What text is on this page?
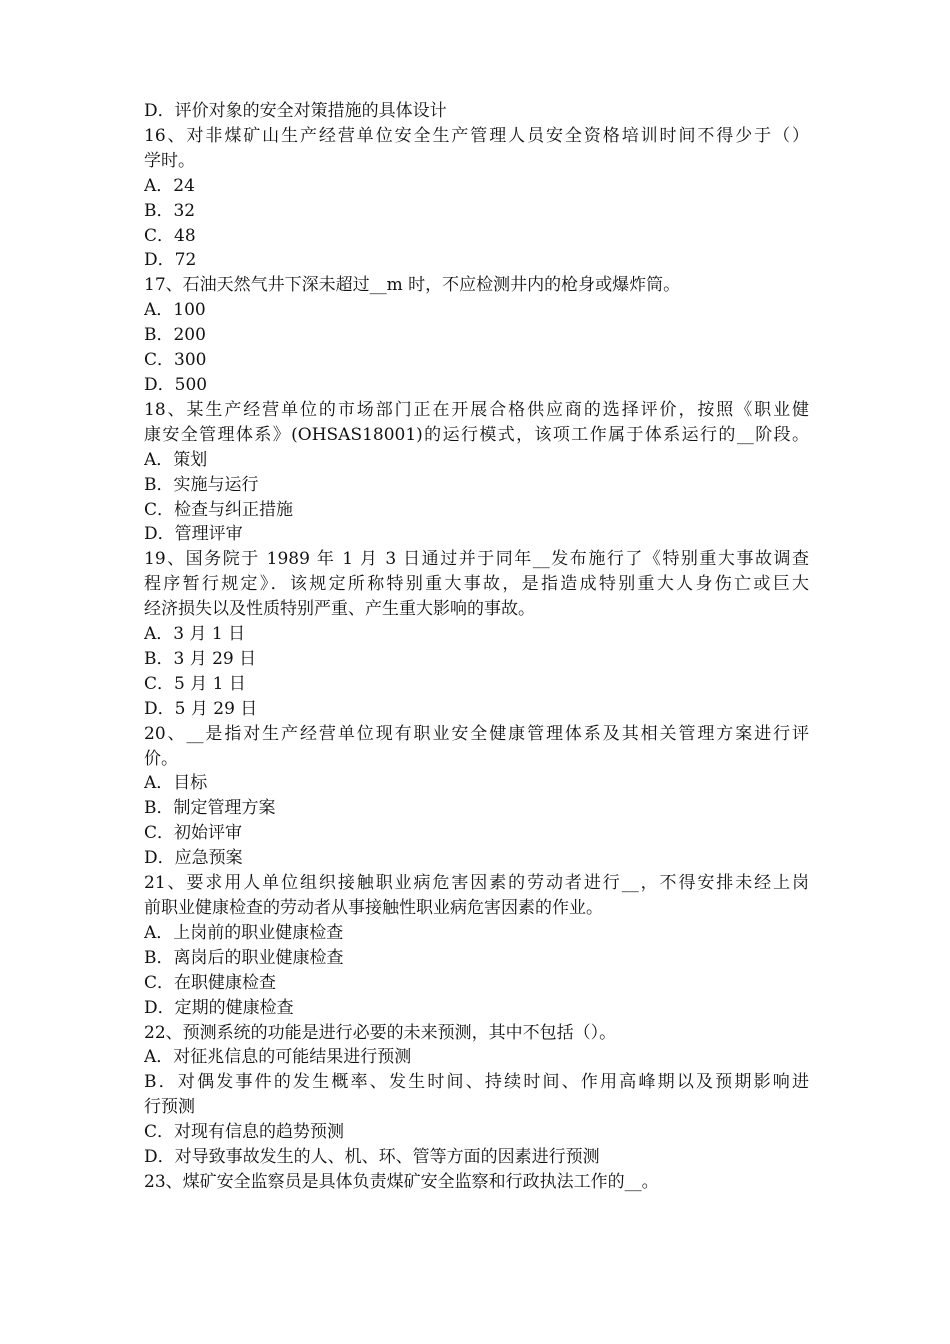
D．评价对象的安全对策措施的具体设计
16、对非煤矿山生产经营单位安全生产管理人员安全资格培训时间不得少于（）
学时。
A．24
B．32
C．48
D．72
17、石油天然气井下深未超过__m 时，不应检测井内的枪身或爆炸筒。
A．100
B．200
C．300
D．500
18、某生产经营单位的市场部门正在开展合格供应商的选择评价，按照《职业健
康安全管理体系》(OHSAS18001)的运行模式，该项工作属于体系运行的__阶段。
A．策划
B．实施与运行
C．检查与纠正措施
D．管理评审
19、国务院于 1989 年 1 月 3 日通过并于同年__发布施行了《特别重大事故调查
程序暂行规定》．该规定所称特别重大事故，是指造成特别重大人身伤亡或巨大
经济损失以及性质特别严重、产生重大影响的事故。
A．3 月 1 日
B．3 月 29 日
C．5 月 1 日
D．5 月 29 日
20、__是指对生产经营单位现有职业安全健康管理体系及其相关管理方案进行评
价。
A．目标
B．制定管理方案
C．初始评审
D．应急预案
21、要求用人单位组织接触职业病危害因素的劳动者进行__，不得安排未经上岗
前职业健康检查的劳动者从事接触性职业病危害因素的作业。
A．上岗前的职业健康检查
B．离岗后的职业健康检查
C．在职健康检查
D．定期的健康检查
22、预测系统的功能是进行必要的未来预测，其中不包括（）。
A．对征兆信息的可能结果进行预测
B．对偶发事件的发生概率、发生时间、持续时间、作用高峰期以及预期影响进
行预测
C．对现有信息的趋势预测
D．对导致事故发生的人、机、环、管等方面的因素进行预测
23、煤矿安全监察员是具体负责煤矿安全监察和行政执法工作的__。
